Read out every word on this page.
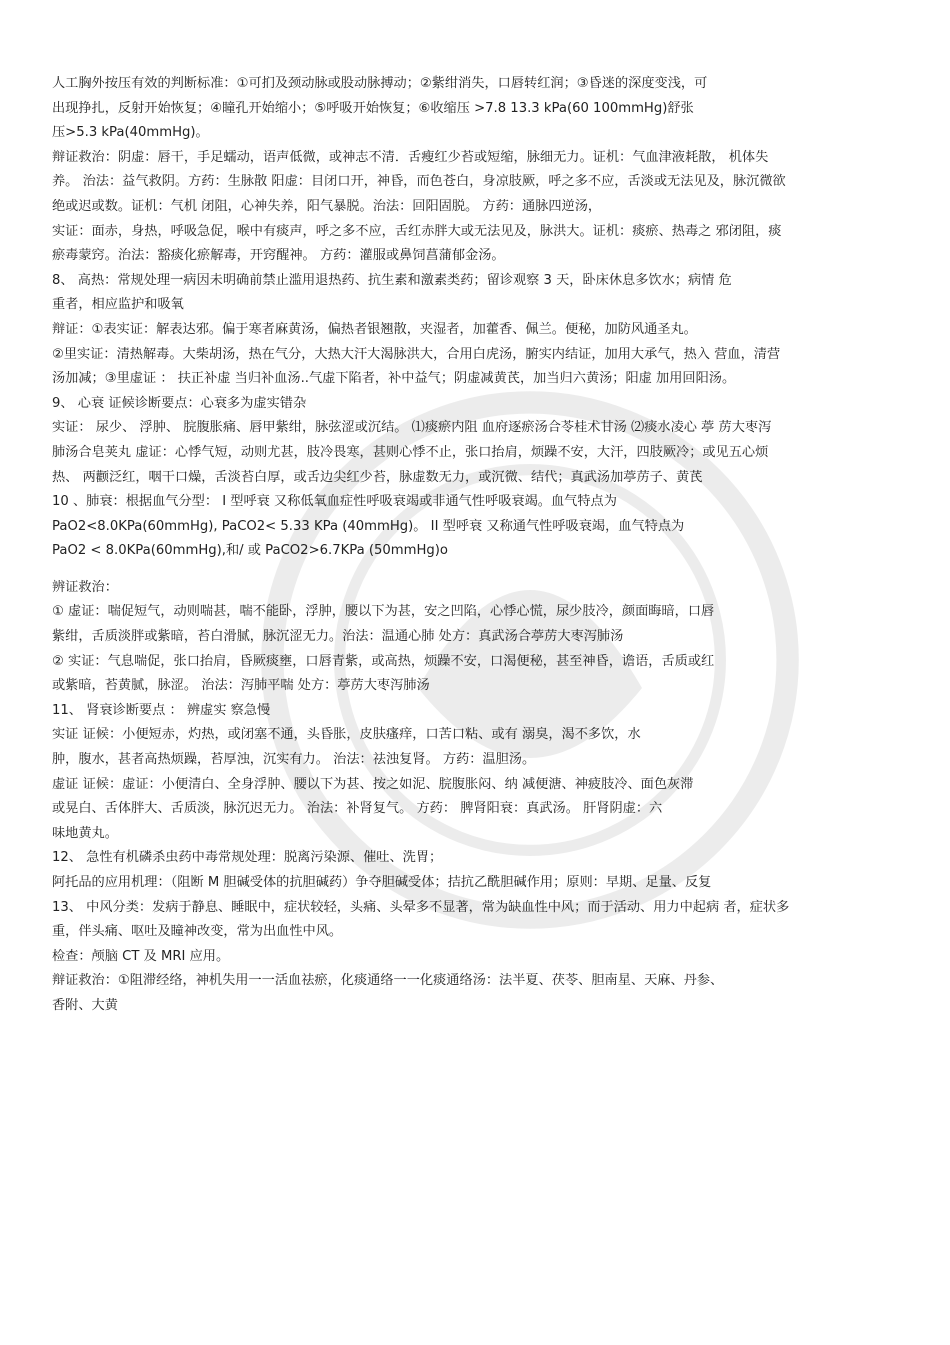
人工胸外按压有效的判断标准：①可扪及颈动脉或股动脉搏动；②紫绀消失，口唇转红润；③昏迷的深度变浅，可
出现挣扎，反射开始恢复；④瞳孔开始缩小；⑤呼吸开始恢复；⑥收缩压 >7.8 13.3 kPa(60 100mmHg)舒张
压>5.3 kPa(40mmHg)。
辩证救治：阴虚：唇干，手足蠕动，语声低微，或神志不清．舌瘦红少苔或短缩，脉细无力。证机：气血津液耗散， 机体失
养。 治法：益气救阴。方药：生脉散 阳虚：目闭口开，神昏，而色苍白，身凉肢厥，呼之多不应，舌淡或无法见及，脉沉微欲
绝或迟或数。证机：气机 闭阻，心神失养，阳气暴脱。治法：回阳固脱。 方药：通脉四逆汤，
实证：面赤，身热，呼吸急促，喉中有痰声，呼之多不应，舌红赤胖大或无法见及，脉洪大。证机：痰瘀、热毒之 邪闭阻，痰
瘀毒蒙窍。治法：豁痰化瘀解毒，开窍醒神。 方药：灌服或鼻饲菖蒲郁金汤。
8、 高热：常规处理一病因未明确前禁止滥用退热药、抗生素和激素类药；留诊观察 3 天，卧床休息多饮水；病情 危
重者，相应监护和吸氧
辩证：①表实证：解表达邪。偏于寒者麻黄汤，偏热者银翘散，夹湿者，加藿香、佩兰。便秘，加防风通圣丸。
②里实证：清热解毒。大柴胡汤，热在气分，大热大汗大渴脉洪大，合用白虎汤，腑实内结证，加用大承气，热入 营血，清营
汤加减；③里虚证 ： 扶正补虚 当归补血汤..气虚下陷者，补中益气；阴虚减黄芪，加当归六黄汤；阳虚 加用回阳汤。
9、 心衰 证候诊断要点：心衰多为虚实错杂
实证： 尿少、 浮肿、 脘腹胀痛、唇甲紫绀，脉弦涩或沉结。 ⑴痰瘀内阻 血府逐瘀汤合苓桂术甘汤 ⑵痰水凌心 葶 苈大枣泻
肺汤合皂荚丸 虚证：心悸气短，动则尤甚，肢冷畏寒，甚则心悸不止，张口抬肩，烦躁不安，大汗，四肢厥冷；或见五心烦
热、 两颧泛红，咽干口燥，舌淡苔白厚，或舌边尖红少苔，脉虚数无力，或沉微、结代；真武汤加葶苈子、黄芪
10 、肺衰：根据血气分型： I 型呼衰 又称低氧血症性呼吸衰竭或非通气性呼吸衰竭。血气特点为
PaO2<8.0KPa(60mmHg), PaCO2< 5.33 KPa (40mmHg)。 II 型呼衰 又称通气性呼吸衰竭，血气特点为
PaO2 < 8.0KPa(60mmHg),和/ 或 PaCO2>6.7KPa (50mmHg)o
辨证救治：
① 虚证：喘促短气，动则喘甚，喘不能卧，浮肿，腰以下为甚，安之凹陷，心悸心慌，尿少肢冷，颜面晦暗，口唇
紫绀，舌质淡胖或紫暗，苔白滑腻，脉沉涩无力。治法：温通心肺 处方：真武汤合葶苈大枣泻肺汤
② 实证：气息喘促，张口抬肩，昏厥痰壅，口唇青紫，或高热，烦躁不安，口渴便秘，甚至神昏，谵语，舌质或红
或紫暗，苔黄腻，脉涩。 治法：泻肺平喘 处方：葶苈大枣泻肺汤
11、 肾衰诊断要点 ： 辨虚实 察急慢
实证 证候：小便短赤，灼热，或闭塞不通，头昏胀，皮肤瘙痒，口苦口粘、或有 溺臭，渴不多饮，水
肿，腹水，甚者高热烦躁，苔厚浊，沉实有力。 治法：祛浊复肾。 方药：温胆汤。
虚证 证候：虚证：小便清白、全身浮肿、腰以下为甚、按之如泥、脘腹胀闷、纳 减便溏、神疲肢冷、面色灰滞
或晃白、舌体胖大、舌质淡，脉沉迟无力。 治法：补肾复气。 方药： 脾肾阳衰：真武汤。 肝肾阴虚：六
味地黄丸。
12、 急性有机磷杀虫药中毒常规处理：脱离污染源、催吐、洗胃；
阿托品的应用机理：（阻断 M 胆碱受体的抗胆碱药）争夺胆碱受体；拮抗乙酰胆碱作用；原则：早期、足量、反复
13、 中风分类：发病于静息、睡眠中，症状较轻，头痛、头晕多不显著，常为缺血性中风；而于活动、用力中起病 者，症状多
重，伴头痛、呕吐及瞳神改变，常为出血性中风。
检查：颅脑 CT 及 MRI 应用。
辩证救治：①阻滞经络，神机失用一一活血祛瘀，化痰通络一一化痰通络汤：法半夏、茯苓、胆南星、天麻、丹参、
香附、大黄
